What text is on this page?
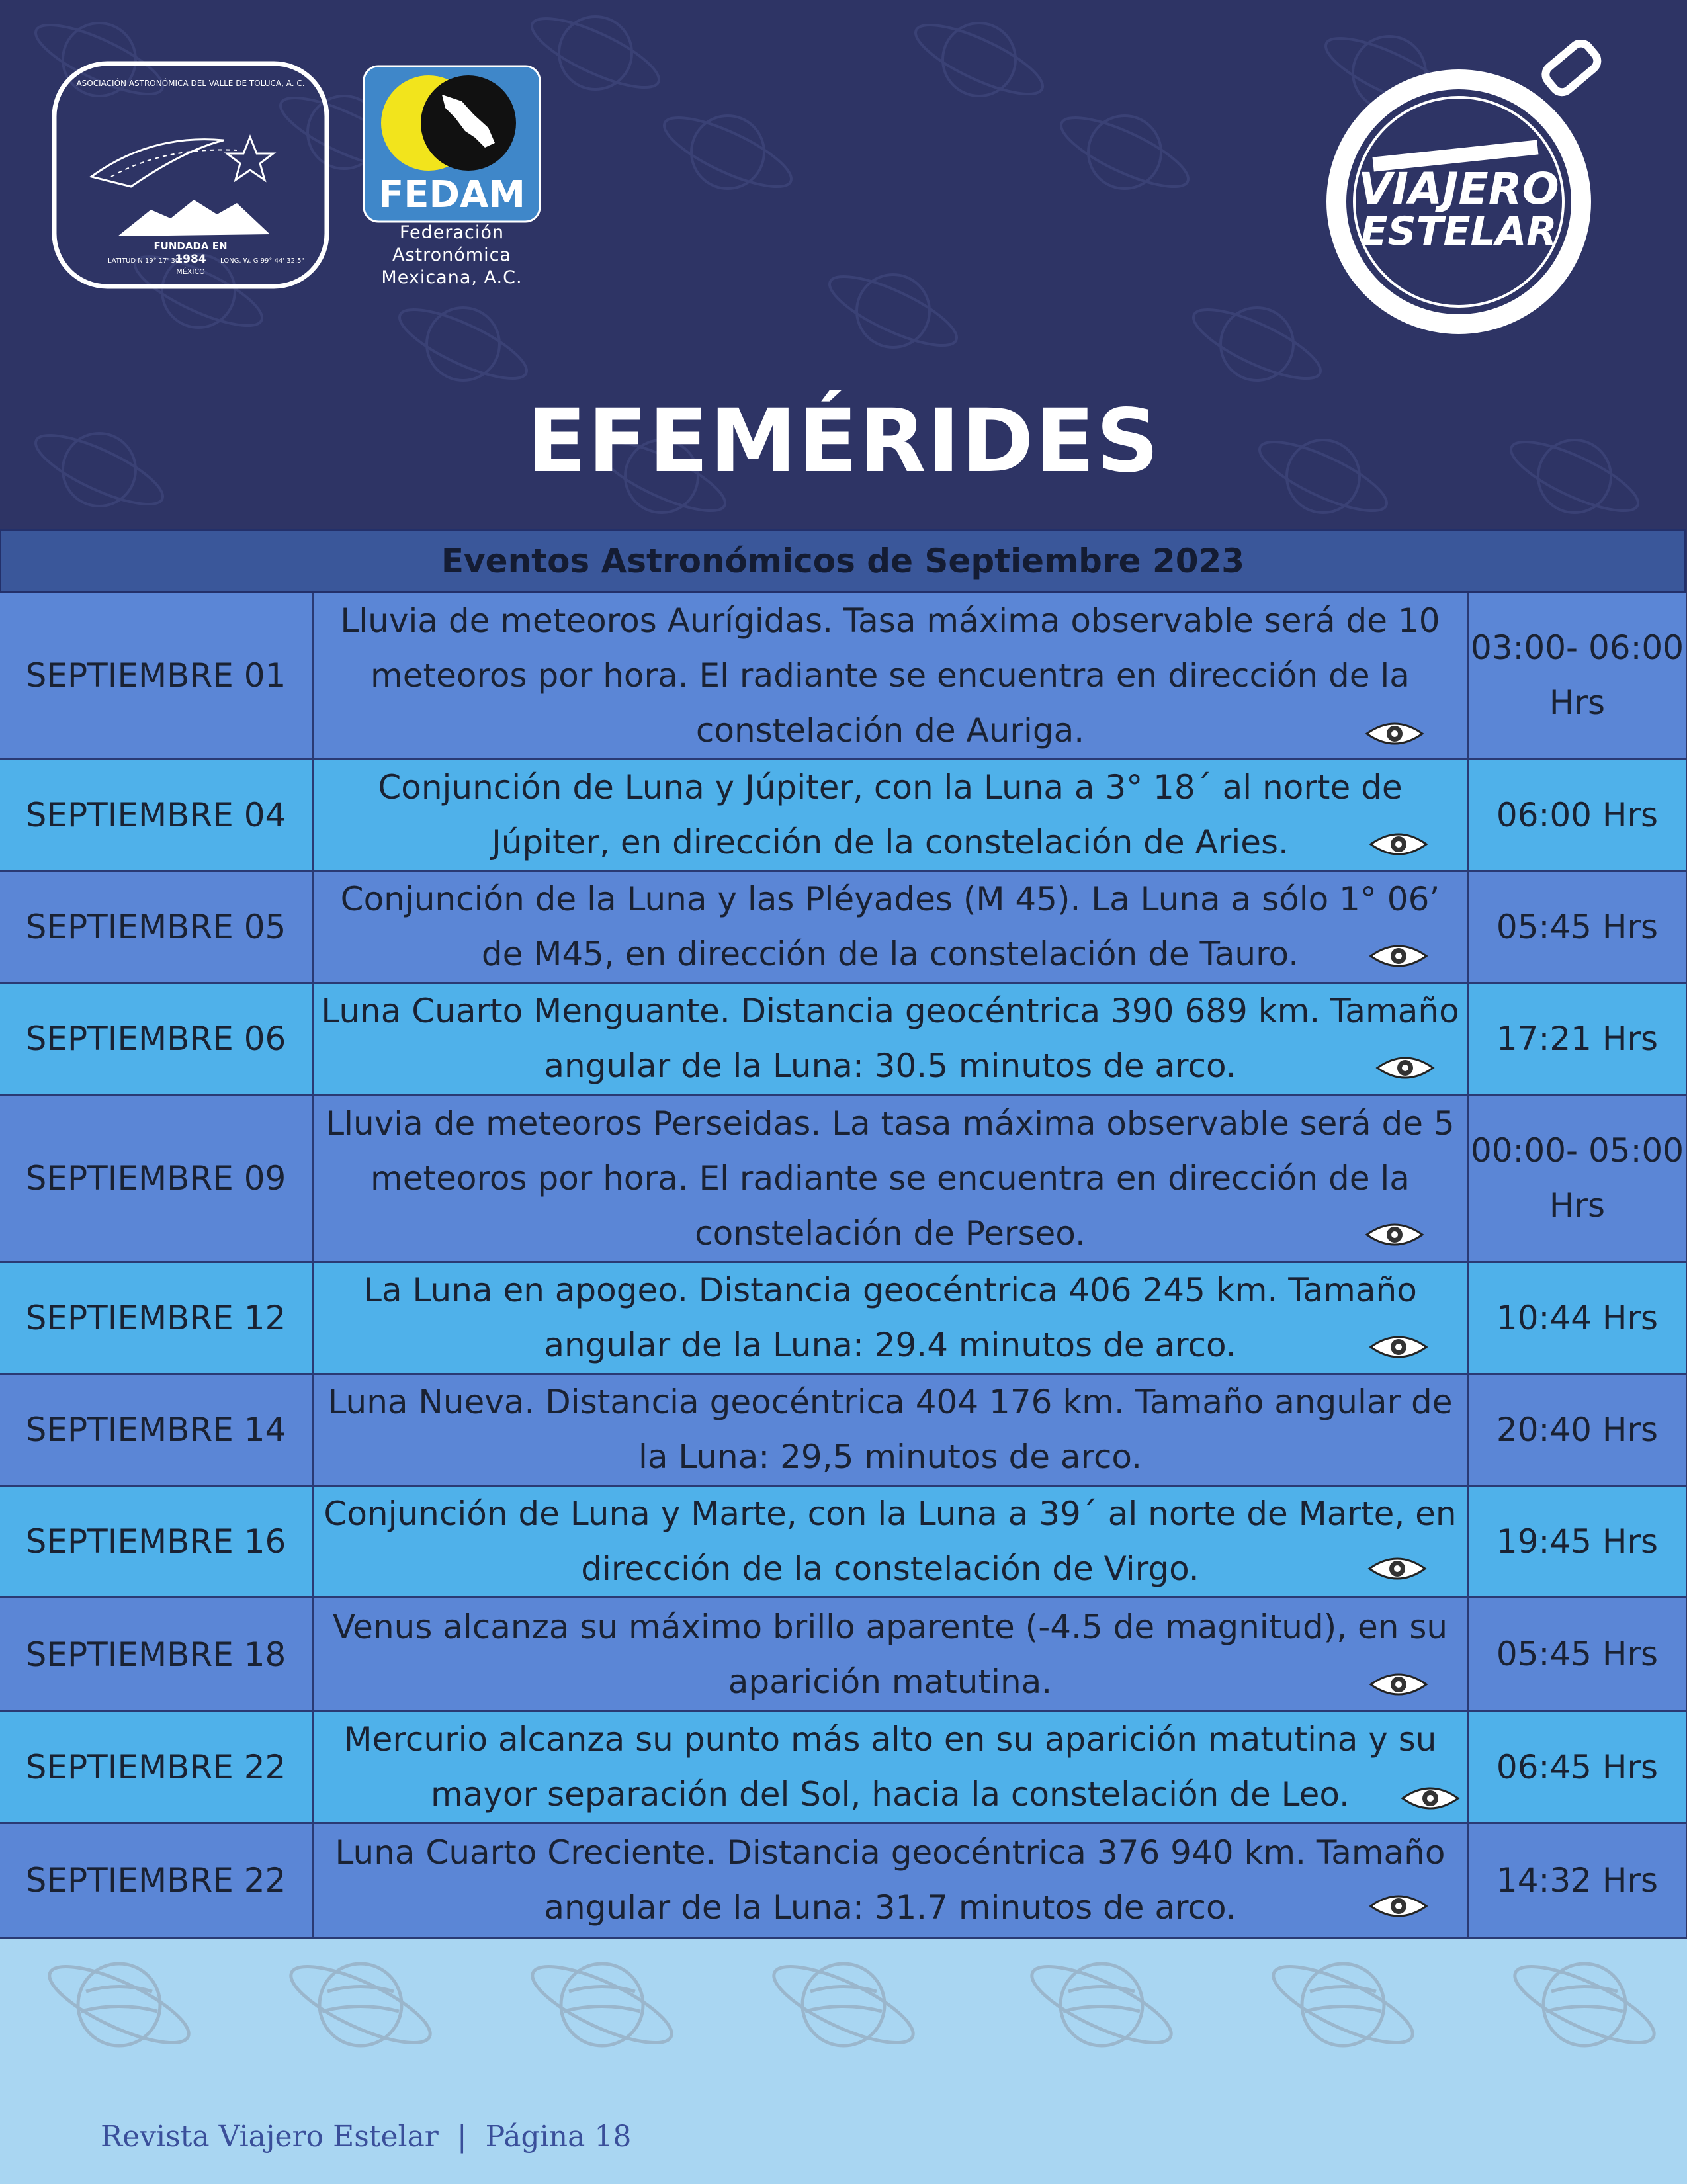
FUNDADA EN
1984
MÉXICO
LATITUD N 19° 17' 30"	LONG. W. G 99° 44' 32.5"
ASOCIACIÓN ASTRONÓMICA DEL VALLE DE TOLUCA, A. C.
FEDAM
Federación
Astronómica
Mexicana, A.C.
VIAJERO
ESTELAR
EFEMÉRIDES
Eventos Astronómicos de Septiembre 2023
SEPTIEMBRE 01
Lluvia de meteoros Aurígidas. Tasa máxima observable será de 10 meteoros por hora. El radiante se encuentra en dirección de la constelación de Auriga.
03:00- 06:00 Hrs
SEPTIEMBRE 04
Conjunción de Luna y Júpiter, con la Luna a 3° 18´ al norte de Júpiter, en dirección de la constelación de Aries.
06:00 Hrs
SEPTIEMBRE 05
Conjunción de la Luna y las Pléyades (M 45). La Luna a sólo 1° 06’ de M45, en dirección de la constelación de Tauro.
05:45 Hrs
SEPTIEMBRE 06
Luna Cuarto Menguante. Distancia geocéntrica 390 689 km. Tamaño angular de la Luna: 30.5 minutos de arco.
17:21 Hrs
SEPTIEMBRE 09
Lluvia de meteoros Perseidas. La tasa máxima observable será de 5 meteoros por hora. El radiante se encuentra en dirección de la constelación de Perseo.
00:00- 05:00 Hrs
SEPTIEMBRE 12
La Luna en apogeo. Distancia geocéntrica 406 245 km. Tamaño angular de la Luna: 29.4 minutos de arco.
10:44 Hrs
SEPTIEMBRE 14
Luna Nueva. Distancia geocéntrica 404 176 km. Tamaño angular de la Luna: 29,5 minutos de arco.
20:40 Hrs
SEPTIEMBRE 16
Conjunción de Luna y Marte, con la Luna a 39´ al norte de Marte, en dirección de la constelación de Virgo.
19:45 Hrs
SEPTIEMBRE 18
Venus alcanza su máximo brillo aparente (-4.5 de magnitud), en su aparición matutina.
05:45 Hrs
SEPTIEMBRE 22
Mercurio alcanza su punto más alto en su aparición matutina y su mayor separación del Sol, hacia la constelación de Leo.
06:45 Hrs
SEPTIEMBRE 22
Luna Cuarto Creciente. Distancia geocéntrica 376 940 km. Tamaño angular de la Luna: 31.7 minutos de arco.
14:32 Hrs
Revista Viajero Estelar | Página 18
